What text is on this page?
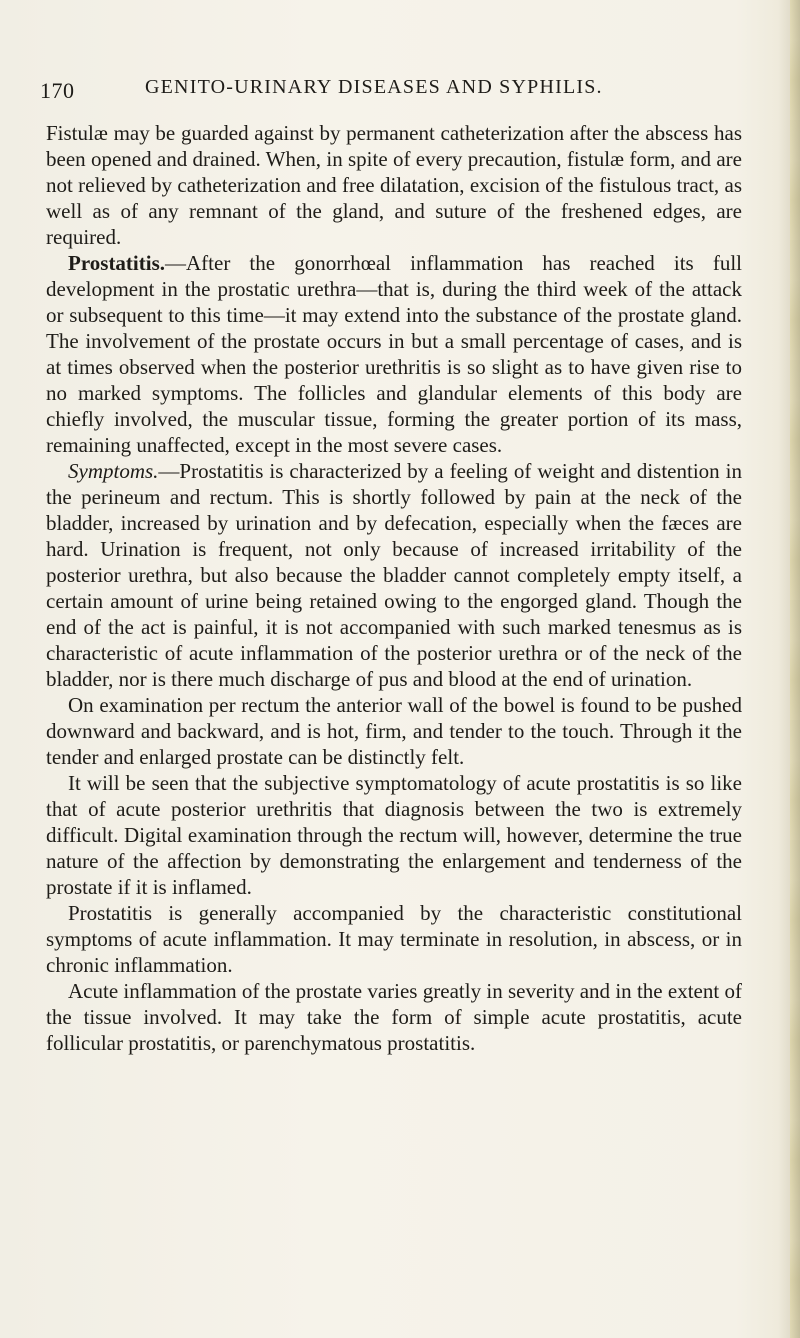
170	GENITO-URINARY DISEASES AND SYPHILIS.

Fistulæ may be guarded against by permanent catheterization after the abscess has been opened and drained. When, in spite of every precaution, fistulæ form, and are not relieved by catheterization and free dilatation, excision of the fistulous tract, as well as of any remnant of the gland, and suture of the freshened edges, are required.

Prostatitis.—After the gonorrhœal inflammation has reached its full development in the prostatic urethra—that is, during the third week of the attack or subsequent to this time—it may extend into the substance of the prostate gland. The involvement of the prostate occurs in but a small percentage of cases, and is at times observed when the posterior urethritis is so slight as to have given rise to no marked symptoms. The follicles and glandular elements of this body are chiefly involved, the muscular tissue, forming the greater portion of its mass, remaining unaffected, except in the most severe cases.

Symptoms.—Prostatitis is characterized by a feeling of weight and distention in the perineum and rectum. This is shortly followed by pain at the neck of the bladder, increased by urination and by defecation, especially when the fæces are hard. Urination is frequent, not only because of increased irritability of the posterior urethra, but also because the bladder cannot completely empty itself, a certain amount of urine being retained owing to the engorged gland. Though the end of the act is painful, it is not accompanied with such marked tenesmus as is characteristic of acute inflammation of the posterior urethra or of the neck of the bladder, nor is there much discharge of pus and blood at the end of urination.

On examination per rectum the anterior wall of the bowel is found to be pushed downward and backward, and is hot, firm, and tender to the touch. Through it the tender and enlarged prostate can be distinctly felt.

It will be seen that the subjective symptomatology of acute prostatitis is so like that of acute posterior urethritis that diagnosis between the two is extremely difficult. Digital examination through the rectum will, however, determine the true nature of the affection by demonstrating the enlargement and tenderness of the prostate if it is inflamed.

Prostatitis is generally accompanied by the characteristic constitutional symptoms of acute inflammation. It may terminate in resolution, in abscess, or in chronic inflammation.

Acute inflammation of the prostate varies greatly in severity and in the extent of the tissue involved. It may take the form of simple acute prostatitis, acute follicular prostatitis, or parenchymatous prostatitis.
